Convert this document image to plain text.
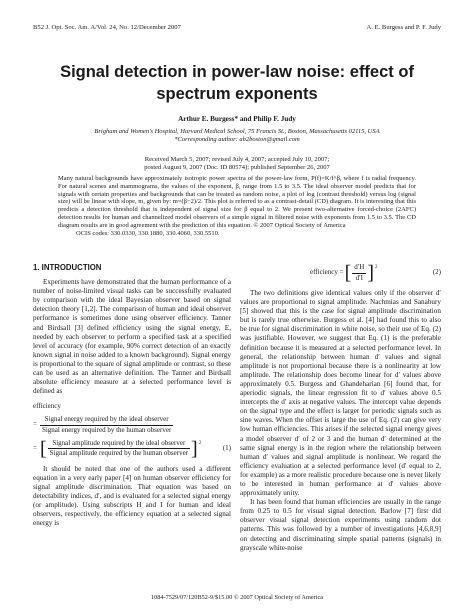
B52 J. Opt. Soc. Am. A/Vol. 24, No. 12/December 2007	A. E. Burgess and P. F. Judy
Signal detection in power-law noise: effect of spectrum exponents
Arthur E. Burgess* and Philip F. Judy
Brigham and Women's Hospital, Harvard Medical School, 75 Francis St., Boston, Massachusetts 02115, USA
*Corresponding author: ab2boston@gmail.com
Received March 5, 2007; revised July 4, 2007; accepted July 10, 2007;
posted August 9, 2007 (Doc. ID 80574); published September 26, 2007
Many natural backgrounds have approximately isotropic power spectra of the power-law form, P(f)=K/f^β, where f is radial frequency. For natural scenes and mammograms, the values of the exponent, β, range from 1.5 to 3.5. The ideal observer model predicts that for signals with certain properties and backgrounds that can be treated as random noise, a plot of log (contrast threshold) versus log (signal size) will be linear with slope, m, given by: m=(β−2)/2. This plot is referred to as a contrast-detail (CD) diagram. It is interesting that this predicts a detection threshold that is independent of signal size for β equal to 2. We present two-alternative forced-choice (2AFC) detection results for human and channelized model observers of a simple signal in filtered noise with exponents from 1.5 to 3.5. The CD diagram results are in good agreement with the prediction of this equation. © 2007 Optical Society of America
OCIS codes: 330.0330, 330.1880, 330.4060, 330.5510.
1. INTRODUCTION

Experiments have demonstrated that the human performance of a number of noise-limited visual tasks can be successfully evaluated by comparison with the ideal Bayesian observer based on signal detection theory [1,2]. The comparison of human and ideal observer performance is sometimes done using observer efficiency. Tanner and Birdsall [3] defined efficiency using the signal energy, E, needed by each observer to perform a specified task at a specified level of accuracy (for example, 90% correct detection of an exactly known signal in noise added to a known background). Signal energy is proportional to the square of signal amplitude or contrast, so these can be used as an alternative definition. The Tanner and Birdsall absolute efficiency measure at a selected performance level is defined as

efficiency
= $\frac{\text{Signal energy required by the ideal observer}}{\text{Signal energy required by the human observer}}$
= [ $\frac{\text{Signal amplitude required by the ideal observer}}{\text{Signal amplitude required by the human observer}} ]^2$
(1)

It should be noted that one of the authors used a different equation in a very early paper [4] on human observer efficiency for signal amplitude discrimination. That equation was based on detectability indices, d′, and is evaluated for a selected signal energy (or amplitude). Using subscripts H and I for human and ideal observers, respectively, the efficiency equation at a selected signal energy is

efficiency = [ $\frac{d'H}{d'I} ]^2$
(2)

The two definitions give identical values only if the observer d′ values are proportional to signal amplitude. Nachmias and Sanabury [5] showed that this is the case for signal amplitude discrimination but is rarely true otherwise. Burgess et al. [4] had found this to also be true for signal discrimination in white noise, so their use of Eq. (2) was justifiable. However, we suggest that Eq. (1) is the preferable definition because it is measured at a selected performance level. In general, the relationship between human d′ values and signal amplitude is not proportional because there is a nonlinearity at low amplitude. The relationship does become linear for d′ values above approximately 0.5. Burgess and Ghandeharian [6] found that, for aperiodic signals, the linear regression fit to d′ values above 0.5 intercepts the d′ axis at negative values. The intercept value depends on the signal type and the effect is larger for periodic signals such as sine waves. When the offset is large the use of Eq. (2) can give very low human efficiencies. This arises if the selected signal energy gives a model observer d′ of 2 or 3 and the human d′ determined at the same signal energy is in the region where the relationship between human d′ values and signal amplitude is nonlinear. We regard the efficiency evaluation at a selected performance level (d′ equal to 2, for example) as a more realistic procedure because one is never likely to be interested in human performance at d′ values above approximately unity.

It has been found that human efficiencies are usually in the range from 0.25 to 0.5 for visual signal detection. Barlow [7] first did observer visual signal detection experiments using random dot patterns. This was followed by a number of investigations [4,6,8,9] on detecting and discriminating simple spatial patterns (signals) in grayscale white-noise

1084-7529/07/120B52-9/$15.00 © 2007 Optical Society of America
